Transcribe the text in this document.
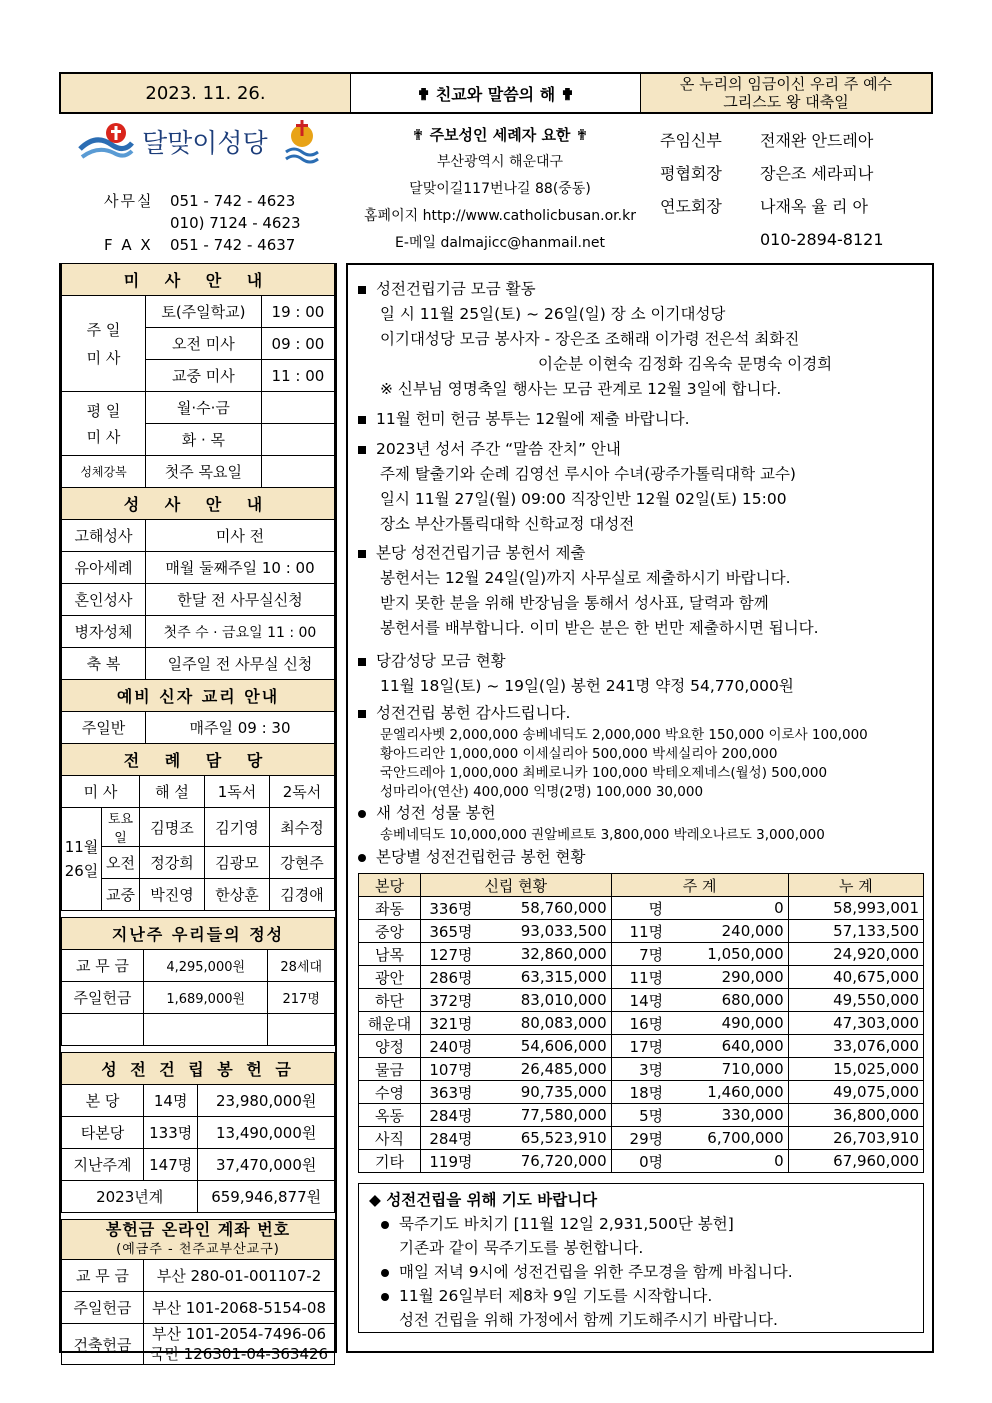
2023. 11. 26.	✟ 친교와 말씀의 해 ✟
온 누리의 임금이신 우리 주 예수
그리스도 왕 대축일
달맞이성당
사무실	051 - 742 - 4623
010) 7124 - 4623
F A X	051 - 742 - 4637
✟ 주보성인 세례자 요한 ✟
부산광역시 해운대구
달맞이길117번나길 88(중동)
홈페이지 http://www.catholicbusan.or.kr
E-메일 dalmajicc@hanmail.net
주임신부	전재완 안드레아
평협회장	장은조 세라피나
연도회장	나재옥 율 리 아
010-2894-8121
미 사 안 내		
주 일
미 사	토(주일학교)	19 : 00
	오전 미사	09 : 00
	교중 미사	11 : 00
평 일
미 사	월·수·금	
	화 · 목	
성체강복	첫주 목요일	
성 사 안 내		
고해성사	미사 전	
유아세례	매월 둘째주일 10 : 00	
혼인성사	한달 전 사무실신청	
병자성체	첫주 수 · 금요일 11 : 00	
축 복	일주일 전 사무실 신청	
예비 신자 교리 안내		
주일반	매주일 09 : 30	
전 례 담 당				
미 사		해 설	1독서	2독서
11월
26일	토요일	김명조	김기영	최수정
	오전	정강희	김광모	강현주
	교중	박진영	한상훈	김경애
지난주 우리들의 정성		
교 무 금	4,295,000원	28세대
주일헌금	1,689,000원	217명

성 전 건 립 봉 헌 금		
본 당	14명	23,980,000원
타본당	133명	13,490,000원
지난주계	147명	37,470,000원
2023년계		659,946,877원
봉헌금 온라인 계좌 번호
(예금주 - 천주교부산교구)	
교 무 금	부산 280-01-001107-2
주일헌금	부산 101-2068-5154-08
건축헌금	부산 101-2054-7496-06
국민 126301-04-363426
성전건립기금 모금 활동
일 시 11월 25일(토) ~ 26일(일) 장 소 이기대성당
이기대성당 모금 봉사자 - 장은조 조해래 이가령 전은석 최화진
이순분 이현숙 김정화 김옥숙 문명숙 이경희
※ 신부님 영명축일 행사는 모금 관계로 12월 3일에 합니다.
11월 헌미 헌금 봉투는 12월에 제출 바랍니다.
2023년 성서 주간 “말씀 잔치” 안내
주제 탈출기와 순례 김영선 루시아 수녀(광주가톨릭대학 교수)
일시 11월 27일(월) 09:00 직장인반 12월 02일(토) 15:00
장소 부산가톨릭대학 신학교정 대성전
본당 성전건립기금 봉헌서 제출
봉헌서는 12월 24일(일)까지 사무실로 제출하시기 바랍니다.
받지 못한 분을 위해 반장님을 통해서 성사표, 달력과 함께
봉헌서를 배부합니다. 이미 받은 분은 한 번만 제출하시면 됩니다.
당감성당 모금 현황
11월 18일(토) ~ 19일(일) 봉헌 241명 약정 54,770,000원
성전건립 봉헌 감사드립니다.
문엘리사벳 2,000,000 송베네딕도 2,000,000 박요한 150,000 이로사 100,000
황아드리안 1,000,000 이세실리아 500,000 박세실리아 200,000
국안드레아 1,000,000 최베로니카 100,000 박테오제네스(월성) 500,000
성마리아(연산) 400,000 익명(2명) 100,000 30,000
새 성전 성물 봉헌
송베네딕도 10,000,000 권알베르토 3,800,000 박레오나르도 3,000,000
본당별 성전건립헌금 봉헌 현황
본당	신립 현황		주 계		누 계
좌동	336명	58,760,000	명	0	58,993,001
중앙	365명	93,033,500	11명	240,000	57,133,500
남목	127명	32,860,000	7명	1,050,000	24,920,000
광안	286명	63,315,000	11명	290,000	40,675,000
하단	372명	83,010,000	14명	680,000	49,550,000
해운대	321명	80,083,000	16명	490,000	47,303,000
양정	240명	54,606,000	17명	640,000	33,076,000
물금	107명	26,485,000	3명	710,000	15,025,000
수영	363명	90,735,000	18명	1,460,000	49,075,000
옥동	284명	77,580,000	5명	330,000	36,800,000
사직	284명	65,523,910	29명	6,700,000	26,703,910
기타	119명	76,720,000	0명	0	67,960,000
◆ 성전건립을 위해 기도 바랍니다
묵주기도 바치기 [11월 12일 2,931,500단 봉헌]
기존과 같이 묵주기도를 봉헌합니다.
매일 저녁 9시에 성전건립을 위한 주모경을 함께 바칩니다.
11월 26일부터 제8차 9일 기도를 시작합니다.
성전 건립을 위해 가정에서 함께 기도해주시기 바랍니다.
